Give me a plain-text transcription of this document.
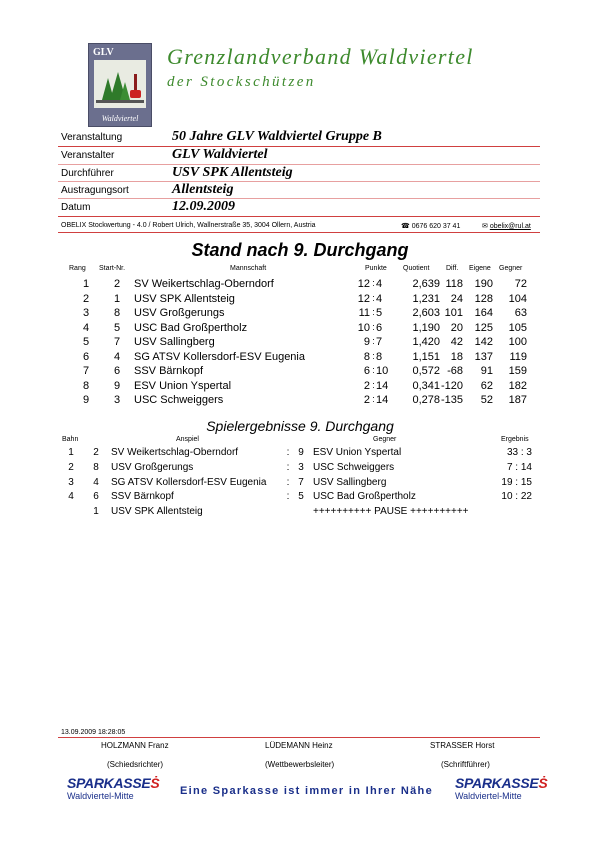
GLV
Waldviertel
Grenzlandverband Waldviertel
der Stockschützen
Veranstaltung	50 Jahre GLV Waldviertel Gruppe B
Veranstalter	GLV Waldviertel
Durchführer	USV SPK Allentsteig
Austragungsort	Allentsteig
Datum	12.09.2009
OBELIX Stockwertung - 4.0 / Robert Ulrich, Wallnerstraße 35, 3004 Ollern, Austria	☎ 0676 620 37 41	✉ obelix@rul.at
Stand nach 9. Durchgang
Rang Start-Nr.	Mannschaft	Punkte Quotient Diff. Eigene Gegner
1	2	SV Weikertschlag-Oberndorf	12 4	2,639 118	190	72
:
2	1	USV SPK Allentsteig	12 4	1,231 24	128	104
:
3	8	USV Großgerungs	11 5	2,603 101	164	63
:
4	5	USC Bad Großpertholz	10 6	1,190 20	125	105
:
5	7	USV Sallingberg	9 7	1,420 42	142	100
:
6	4	SG ATSV Kollersdorf-ESV Eugenia	8 8	1,151 18	137	119
:
7	6	SSV Bärnkopf	6 10	0,572 -68	91	159
:
8	9	ESV Union Yspertal	2 14	0,341 -120	62	182
:
9	3	USC Schweiggers	2 14	0,278 -135	52	187
:
Spielergebnisse 9. Durchgang
Bahn	Anspiel	Gegner	Ergebnis
1 2 SV Weikertschlag-Oberndorf	: 9 ESV Union Yspertal	33 : 3
2 8 USV Großgerungs	: 3 USC Schweiggers	7 : 14
3 4 SG ATSV Kollersdorf-ESV Eugenia : 7 USV Sallingberg	19 : 15
4 6 SSV Bärnkopf	: 5 USC Bad Großpertholz	10 : 22
1 USV SPK Allentsteig	++++++++++ PAUSE ++++++++++
13.09.2009 18:28:05
HOLZMANN Franz	LÜDEMANN Heinz	STRASSER Horst
(Schiedsrichter)	(Wettbewerbsleiter)	(Schriftführer)
SPARKASSEṠ
Waldviertel-Mitte	Eine Sparkasse ist immer in Ihrer Nähe SPARKASSEṠ
Waldviertel-Mitte
